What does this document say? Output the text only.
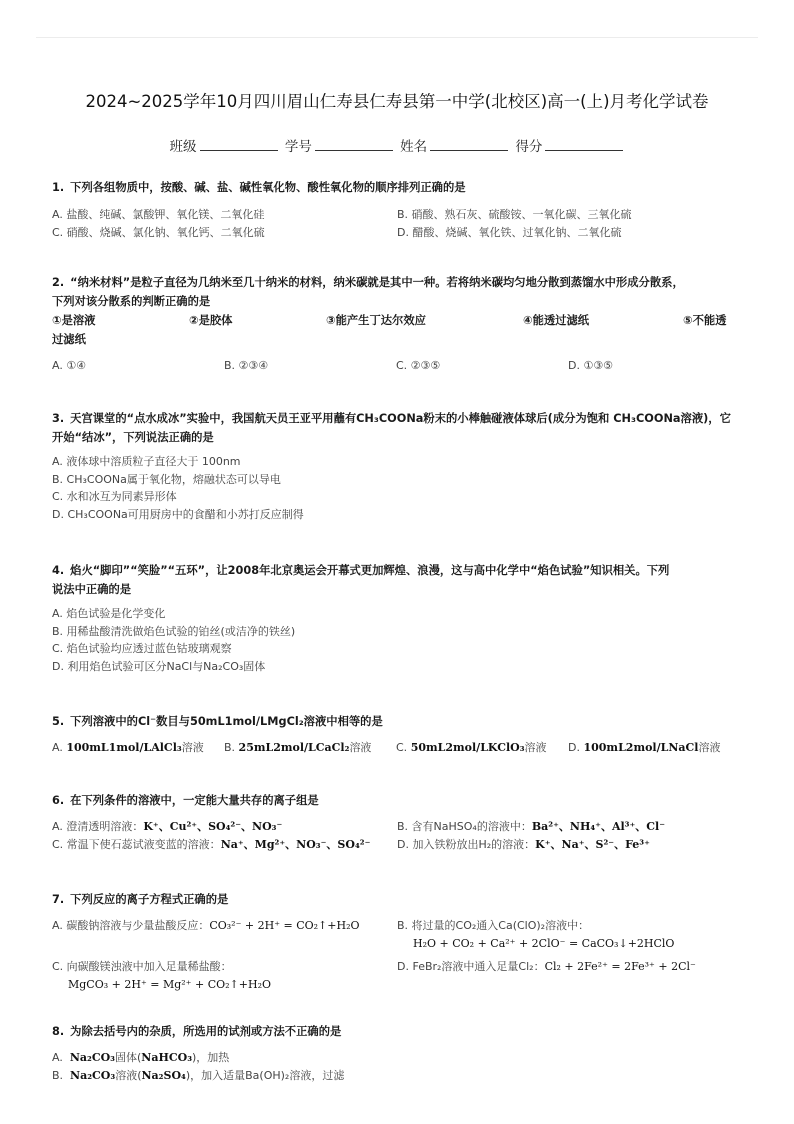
2024~2025学年10月四川眉山仁寿县仁寿县第一中学(北校区)高一(上)月考化学试卷
班级	学号	姓名	得分
1. 下列各组物质中，按酸、碱、盐、碱性氧化物、酸性氧化物的顺序排列正确的是
A. 盐酸、纯碱、氯酸钾、氧化镁、二氧化硅	B. 硝酸、熟石灰、硫酸铵、一氧化碳、三氧化硫
C. 硝酸、烧碱、氯化钠、氧化钙、二氧化硫	D. 醋酸、烧碱、氧化铁、过氧化钠、二氧化硫
2. “纳米材料”是粒子直径为几纳米至几十纳米的材料，纳米碳就是其中一种。若将纳米碳均匀地分散到蒸馏水中形成分散系，
下列对该分散系的判断正确的是
①是溶液	②是胶体	③能产生丁达尔效应	④能透过滤纸	⑤不能透
过滤纸
A. ①④	B. ②③④	C. ②③⑤	D. ①③⑤
3. 天宫课堂的“点水成冰”实验中，我国航天员王亚平用蘸有CH₃COONa粉末的小棒触碰液体球后(成分为饱和 CH₃COONa溶液)，它
开始“结冰”，下列说法正确的是
A. 液体球中溶质粒子直径大于 100nm
B. CH₃COONa属于氧化物，熔融状态可以导电
C. 水和冰互为同素异形体
D. CH₃COONa可用厨房中的食醋和小苏打反应制得
4. 焰火“脚印”“笑脸”“五环”，让2008年北京奥运会开幕式更加辉煌、浪漫，这与高中化学中“焰色试验”知识相关。下列
说法中正确的是
A. 焰色试验是化学变化
B. 用稀盐酸清洗做焰色试验的铂丝(或洁净的铁丝)
C. 焰色试验均应透过蓝色钴玻璃观察
D. 利用焰色试验可区分NaCl与Na₂CO₃固体
5. 下列溶液中的Cl⁻数目与50mL1mol/LMgCl₂溶液中相等的是
A. 100mL1mol/LAlCl₃溶液	B. 25mL2mol/LCaCl₂溶液	C. 50mL2mol/LKClO₃溶液	D. 100mL2mol/LNaCl溶液
6. 在下列条件的溶液中，一定能大量共存的离子组是
A. 澄清透明溶液：K⁺、Cu²⁺、SO₄²⁻、NO₃⁻	B. 含有NaHSO₄的溶液中：Ba²⁺、NH₄⁺、Al³⁺、Cl⁻
C. 常温下使石蕊试液变蓝的溶液：Na⁺、Mg²⁺、NO₃⁻、SO₄²⁻	D. 加入铁粉放出H₂的溶液：K⁺、Na⁺、S²⁻、Fe³⁺
7. 下列反应的离子方程式正确的是
A. 碳酸钠溶液与少量盐酸反应：CO₃²⁻ + 2H⁺ = CO₂↑+H₂O	B. 将过量的CO₂通入Ca(ClO)₂溶液中：
H₂O + CO₂ + Ca²⁺ + 2ClO⁻ = CaCO₃↓+2HClO
C. 向碳酸镁浊液中加入足量稀盐酸：	D. FeBr₂溶液中通入足量Cl₂：Cl₂ + 2Fe²⁺ = 2Fe³⁺ + 2Cl⁻
MgCO₃ + 2H⁺ = Mg²⁺ + CO₂↑+H₂O
8. 为除去括号内的杂质，所选用的试剂或方法不正确的是
A. Na₂CO₃固体(NaHCO₃)，加热
B. Na₂CO₃溶液(Na₂SO₄)，加入适量Ba(OH)₂溶液，过滤
